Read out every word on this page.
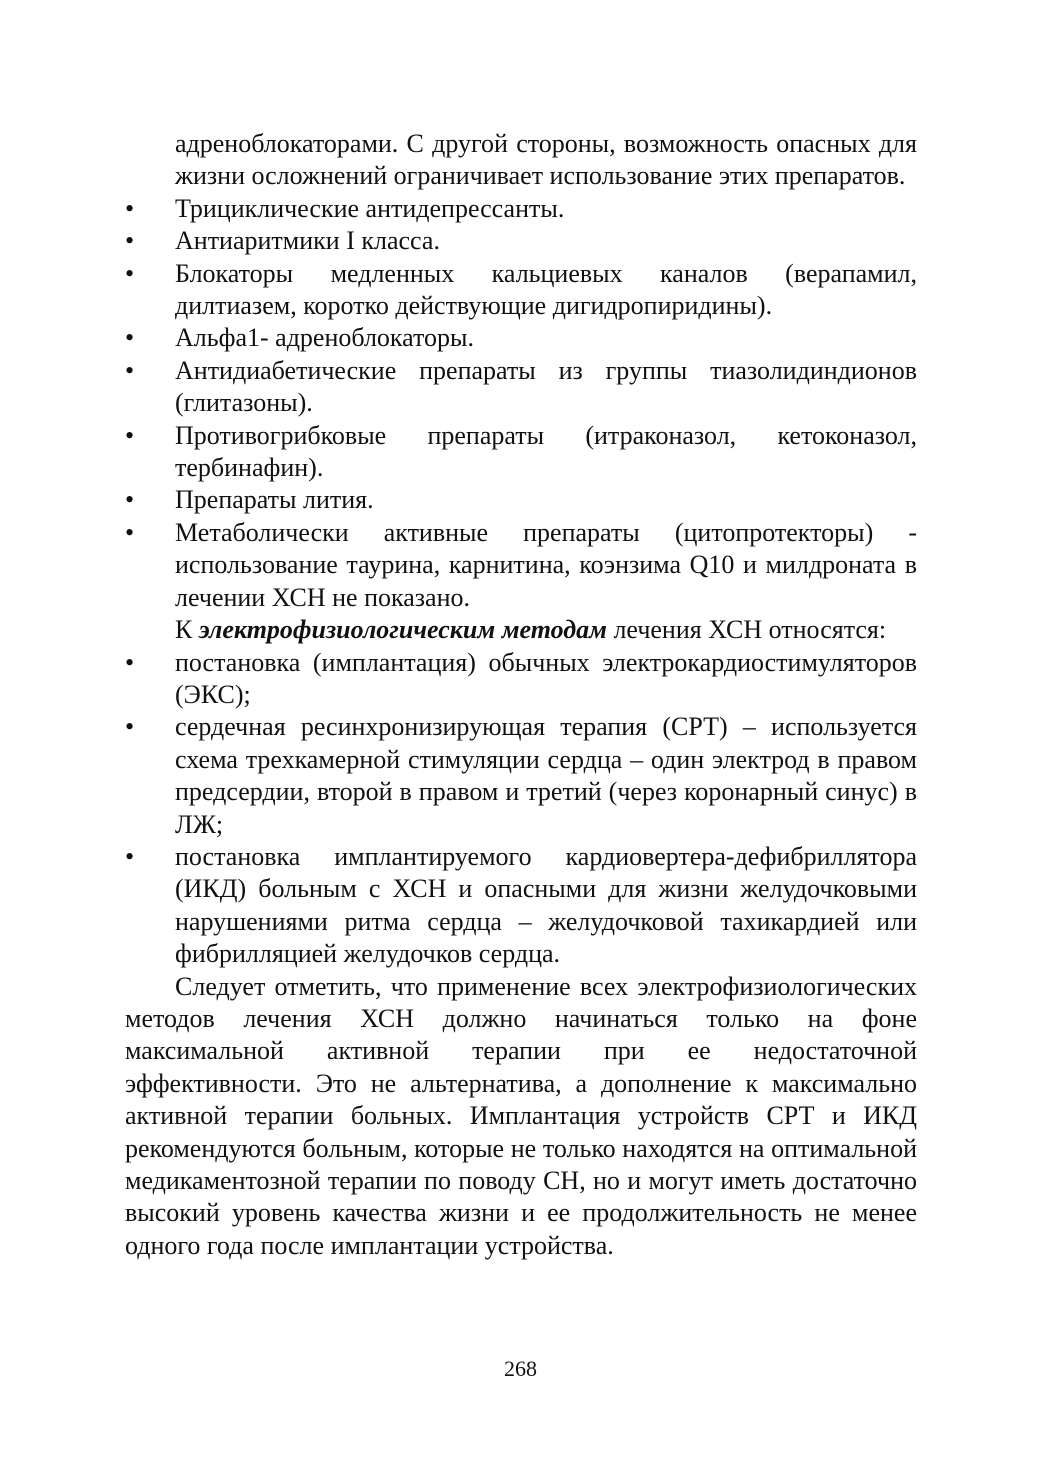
адреноблокаторами. С другой стороны, возможность опасных для жизни осложнений ограничивает использование этих препаратов.
•	Трициклические антидепрессанты.
•	Антиаритмики I класса.
•	Блокаторы медленных кальциевых каналов (верапамил, дилтиазем, коротко действующие дигидропиридины).
•	Альфа1- адреноблокаторы.
•	Антидиабетические препараты из группы тиазолидиндионов (глитазоны).
•	Противогрибковые препараты (итраконазол, кетоконазол, тербинафин).
•	Препараты лития.
•	Метаболически активные препараты (цитопротекторы) - использование таурина, карнитина, коэнзима Q10 и милдроната в лечении ХСН не показано.
К электрофизиологическим методам лечения ХСН относятся:
•	постановка (имплантация) обычных электрокардиостимуляторов (ЭКС);
•	сердечная ресинхронизирующая терапия (СРТ) – используется схема трехкамерной стимуляции сердца – один электрод в правом предсердии, второй в правом и третий (через коронарный синус) в ЛЖ;
•	постановка имплантируемого кардиовертера-дефибриллятора (ИКД) больным с ХСН и опасными для жизни желудочковыми нарушениями ритма сердца – желудочковой тахикардией или фибрилляцией желудочков сердца.
Следует отметить, что применение всех электрофизиологических методов лечения ХСН должно начинаться только на фоне максимальной активной терапии при ее недостаточной эффективности. Это не альтернатива, а дополнение к максимально активной терапии больных. Имплантация устройств СРТ и ИКД рекомендуются больным, которые не только находятся на оптимальной медикаментозной терапии по поводу СН, но и могут иметь достаточно высокий уровень качества жизни и ее продолжительность не менее одного года после имплантации устройства.
268
